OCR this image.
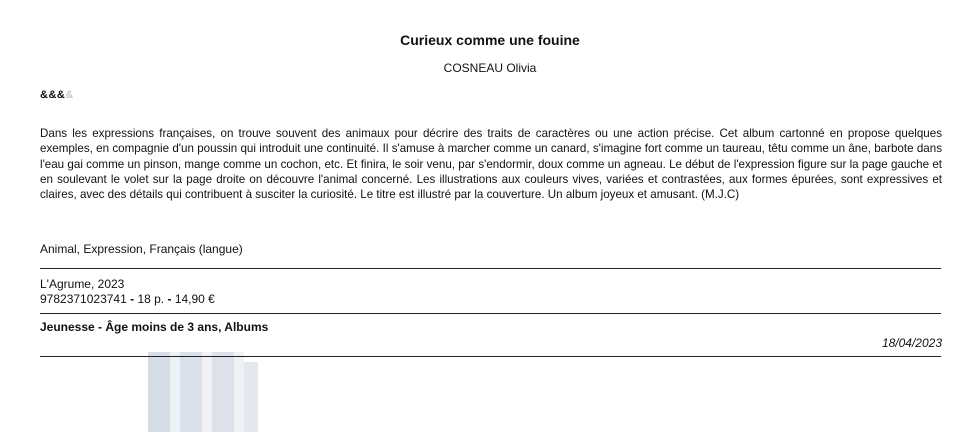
Curieux comme une fouine
COSNEAU Olivia
&&&&
Dans les expressions françaises, on trouve souvent des animaux pour décrire des traits de caractères ou une action précise. Cet album cartonné en propose quelques exemples, en compagnie d'un poussin qui introduit une continuité. Il s'amuse à marcher comme un canard, s'imagine fort comme un taureau, têtu comme un âne, barbote dans l'eau gai comme un pinson, mange comme un cochon, etc. Et finira, le soir venu, par s'endormir, doux comme un agneau. Le début de l'expression figure sur la page gauche et en soulevant le volet sur la page droite on découvre l'animal concerné. Les illustrations aux couleurs vives, variées et contrastées, aux formes épurées, sont expressives et claires, avec des détails qui contribuent à susciter la curiosité. Le titre est illustré par la couverture. Un album joyeux et amusant. (M.J.C)
Animal, Expression, Français (langue)
L'Agrume, 2023
9782371023741 - 18 p. - 14,90 €
Jeunesse - Âge moins de 3 ans, Albums
18/04/2023
